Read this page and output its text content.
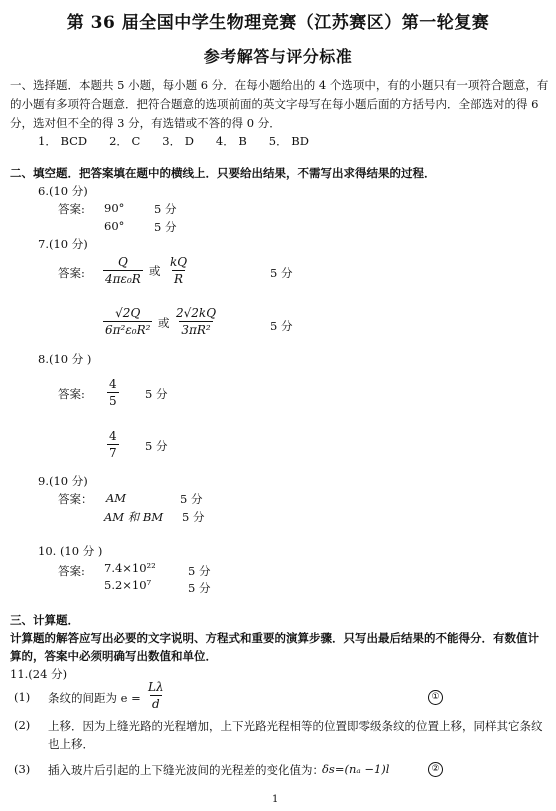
第 36 届全国中学生物理竞赛（江苏赛区）第一轮复赛
参考解答与评分标准
一、选择题．本题共 5 小题，每小题 6 分．在每小题给出的 4 个选项中，有的小题只有一项符合题意，有
的小题有多项符合题意．把符合题意的选项前面的英文字母写在每小题后面的方括号内．全部选对的得 6
分，选对但不全的得 3 分，有选错或不答的得 0 分．
1． BCD      2． C      3． D      4． B      5． BD
二、填空题．把答案填在题中的横线上．只要给出结果，不需写出求得结果的过程．
6.(10 分)
答案: 90°	5 分
60°	5 分
7.(10 分)
答案: $\frac{Q}{\text{4πε₀R}}$ 或 $\frac{kQ}{R}$	5 分
$\frac{√2Q}{\text{6π²ε₀R²}}$ 或 $\frac{2√2kQ}{\text{3πR²}}$	5 分
8.(10 分 )
答案: $\frac{4}{5} 5$ 分
$\frac{4}{7} 5$ 分
9.(10 分)
答案： AM	5 分
AM 和 BM 5 分
10. (10 分 )
答案: 7.4×10²²	5 分
5.2×10⁷	5 分
三、计算题．
计算题的解答应写出必要的文字说明、方程式和重要的演算步骤．只写出最后结果的不能得分．有数值计
算的，答案中必须明确写出数值和单位．
11.(24 分)
(1) 条纹的间距为 $e = \frac{L\lambda}{d}$	①
(2) 上移．因为上缝光路的光程增加，上下光路光程相等的位置即零级条纹的位置上移，同样其它条纹
也上移．
(3) 插入玻片后引起的上下缝光波间的光程差的变化值为：
δs=(nₐ −1)l	②
1
